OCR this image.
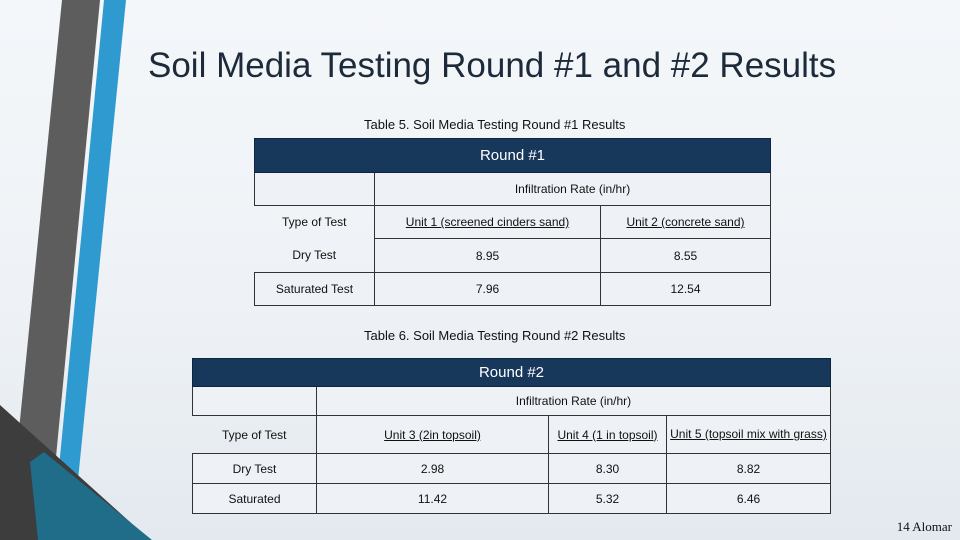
Soil Media Testing Round #1 and #2 Results
Table 5. Soil Media Testing Round #1 Results
Round #1		
	Infiltration Rate (in/hr)	
Type of Test	Unit 1 (screened cinders sand)	Unit 2 (concrete sand)
Dry Test	8.95	8.55
Saturated Test	7.96	12.54
Table 6. Soil Media Testing Round #2 Results
Round #2			
	Infiltration Rate (in/hr)		
Type of Test	Unit 3 (2in topsoil)	Unit 4 (1 in topsoil)	Unit 5 (topsoil mix with grass)
Dry Test	2.98	8.30	8.82
Saturated	11.42	5.32	6.46
14 Alomar
